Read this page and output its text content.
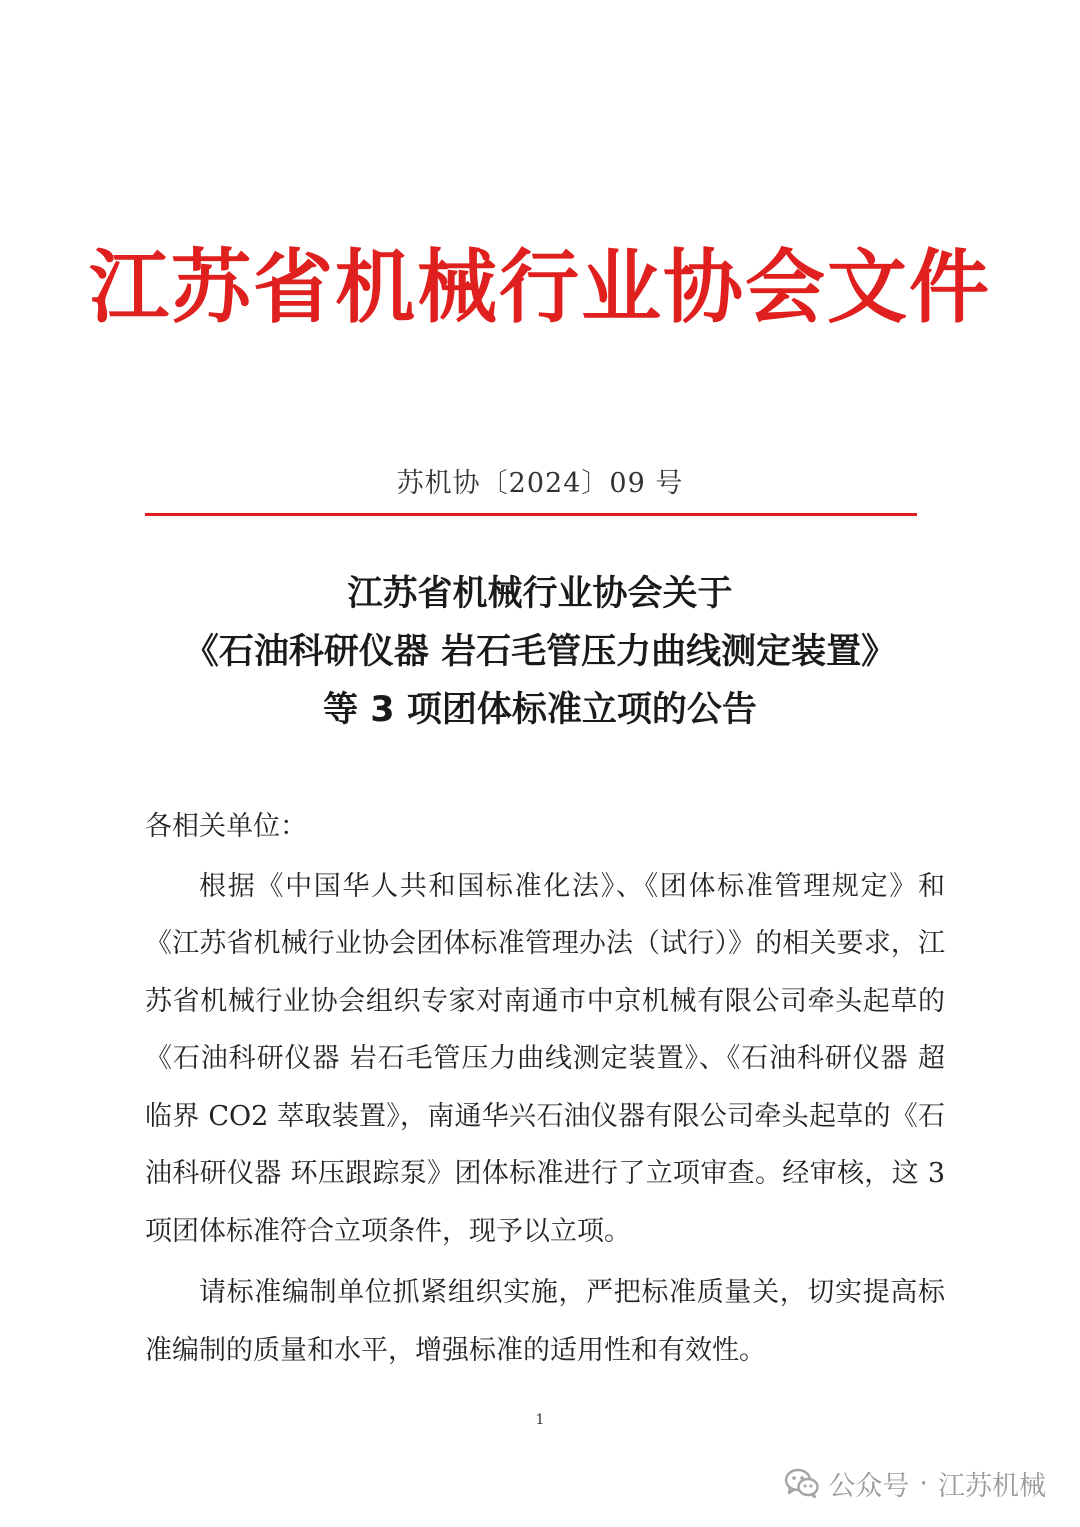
江苏省机械行业协会文件
苏机协〔2024〕09 号
江苏省机械行业协会关于
《石油科研仪器 岩石毛管压力曲线测定装置》
等 3 项团体标准立项的公告
各相关单位：

根据《中国华人共和国标准化法》、《团体标准管理规定》和《江苏省机械行业协会团体标准管理办法（试行）》的相关要求，江苏省机械行业协会组织专家对南通市中京机械有限公司牵头起草的《石油科研仪器 岩石毛管压力曲线测定装置》、《石油科研仪器 超临界 CO2 萃取装置》，南通华兴石油仪器有限公司牵头起草的《石油科研仪器 环压跟踪泵》团体标准进行了立项审查。经审核，这 3 项团体标准符合立项条件，现予以立项。

请标准编制单位抓紧组织实施，严把标准质量关，切实提高标准编制的质量和水平，增强标准的适用性和有效性。

1
公众号 · 江苏机械
